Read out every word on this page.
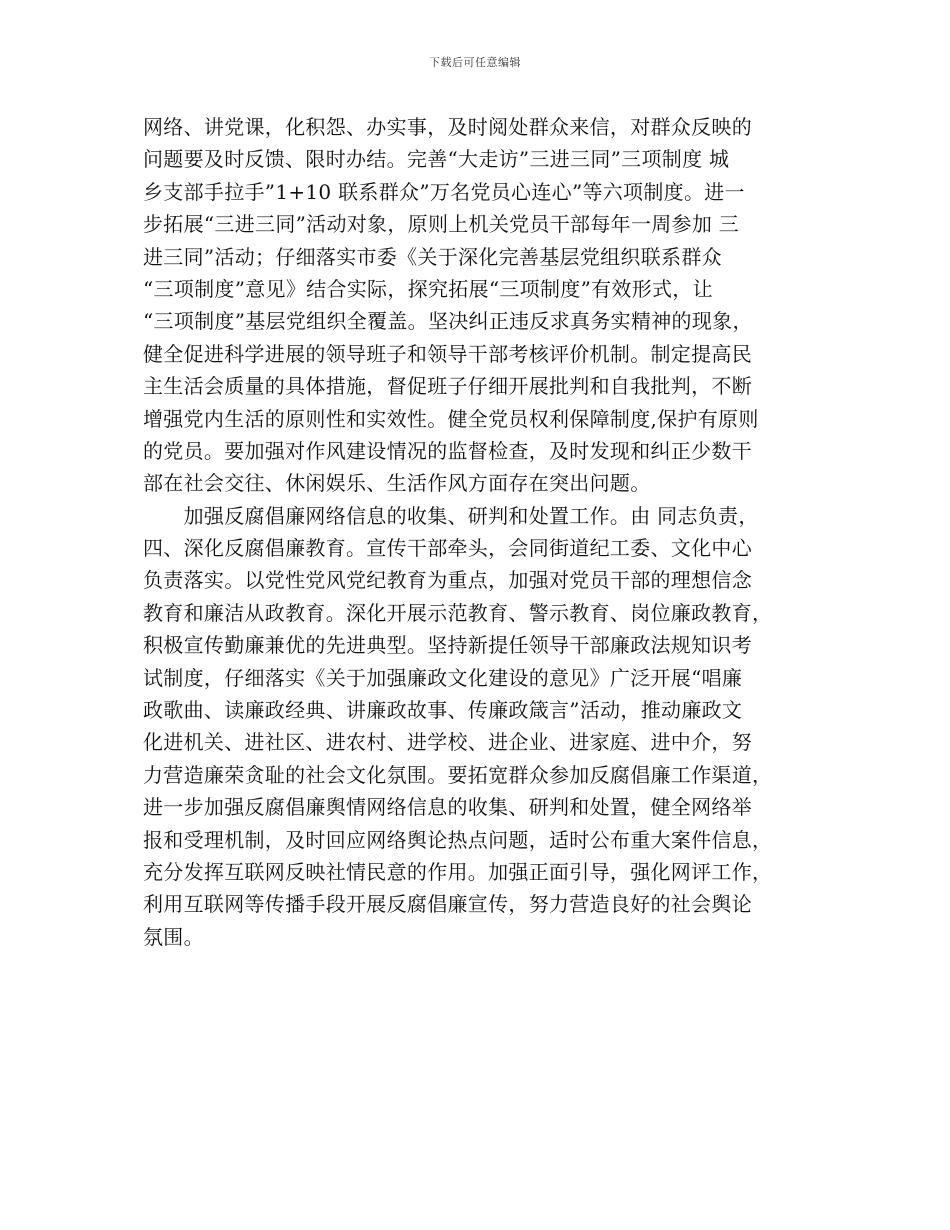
下载后可任意编辑
网络、讲党课，化积怨、办实事，及时阅处群众来信，对群众反映的
问题要及时反馈、限时办结。完善“大走访”三进三同”三项制度 城
乡支部手拉手”1+10 联系群众”万名党员心连心”等六项制度。进一
步拓展“三进三同”活动对象，原则上机关党员干部每年一周参加 三
进三同”活动；仔细落实市委《关于深化完善基层党组织联系群众
“三项制度”意见》结合实际，探究拓展“三项制度”有效形式，让
“三项制度”基层党组织全覆盖。坚决纠正违反求真务实精神的现象，
健全促进科学进展的领导班子和领导干部考核评价机制。制定提高民
主生活会质量的具体措施，督促班子仔细开展批判和自我批判，不断
增强党内生活的原则性和实效性。健全党员权利保障制度,保护有原则
的党员。要加强对作风建设情况的监督检查，及时发现和纠正少数干
部在社会交往、休闲娱乐、生活作风方面存在突出问题。
　　加强反腐倡廉网络信息的收集、研判和处置工作。由 同志负责，
四、深化反腐倡廉教育。宣传干部牵头，会同街道纪工委、文化中心
负责落实。以党性党风党纪教育为重点，加强对党员干部的理想信念
教育和廉洁从政教育。深化开展示范教育、警示教育、岗位廉政教育，
积极宣传勤廉兼优的先进典型。坚持新提任领导干部廉政法规知识考
试制度，仔细落实《关于加强廉政文化建设的意见》广泛开展“唱廉
政歌曲、读廉政经典、讲廉政故事、传廉政箴言”活动，推动廉政文
化进机关、进社区、进农村、进学校、进企业、进家庭、进中介，努
力营造廉荣贪耻的社会文化氛围。要拓宽群众参加反腐倡廉工作渠道，
进一步加强反腐倡廉舆情网络信息的收集、研判和处置，健全网络举
报和受理机制，及时回应网络舆论热点问题，适时公布重大案件信息，
充分发挥互联网反映社情民意的作用。加强正面引导，强化网评工作，
利用互联网等传播手段开展反腐倡廉宣传，努力营造良好的社会舆论
氛围。
